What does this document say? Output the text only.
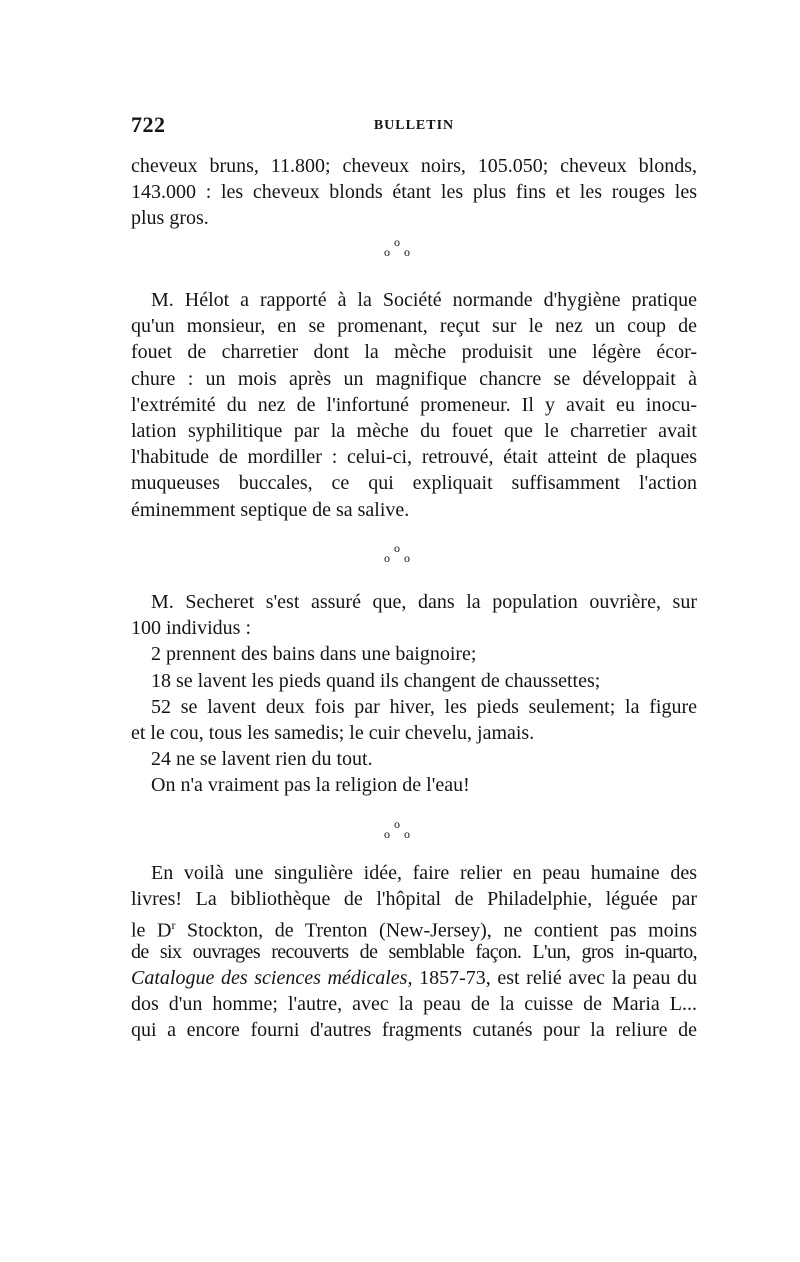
722	BULLETIN
cheveux bruns, 11.800; cheveux noirs, 105.050; cheveux blonds,
143.000 : les cheveux blonds étant les plus fins et les rouges les
plus gros.
o
o o
M. Hélot a rapporté à la Société normande d'hygiène pratique
qu'un monsieur, en se promenant, reçut sur le nez un coup de
fouet de charretier dont la mèche produisit une légère écor-
chure : un mois après un magnifique chancre se développait à
l'extrémité du nez de l'infortuné promeneur. Il y avait eu inocu-
lation syphilitique par la mèche du fouet que le charretier avait
l'habitude de mordiller : celui-ci, retrouvé, était atteint de plaques
muqueuses buccales, ce qui expliquait suffisamment l'action
éminemment septique de sa salive.
o
o o
M. Secheret s'est assuré que, dans la population ouvrière, sur
100 individus :
2 prennent des bains dans une baignoire;
18 se lavent les pieds quand ils changent de chaussettes;
52 se lavent deux fois par hiver, les pieds seulement; la figure
et le cou, tous les samedis; le cuir chevelu, jamais.
24 ne se lavent rien du tout.
On n'a vraiment pas la religion de l'eau!
o
o o
En voilà une singulière idée, faire relier en peau humaine des
livres! La bibliothèque de l'hôpital de Philadelphie, léguée par
le $D^r$ Stockton, de Trenton (New-Jersey), ne contient pas moins
de six ouvrages recouverts de semblable façon. L'un, gros in-quarto,
Catalogue des sciences médicales, 1857-73, est relié avec la peau du
dos d'un homme; l'autre, avec la peau de la cuisse de Maria L...
qui a encore fourni d'autres fragments cutanés pour la reliure de
